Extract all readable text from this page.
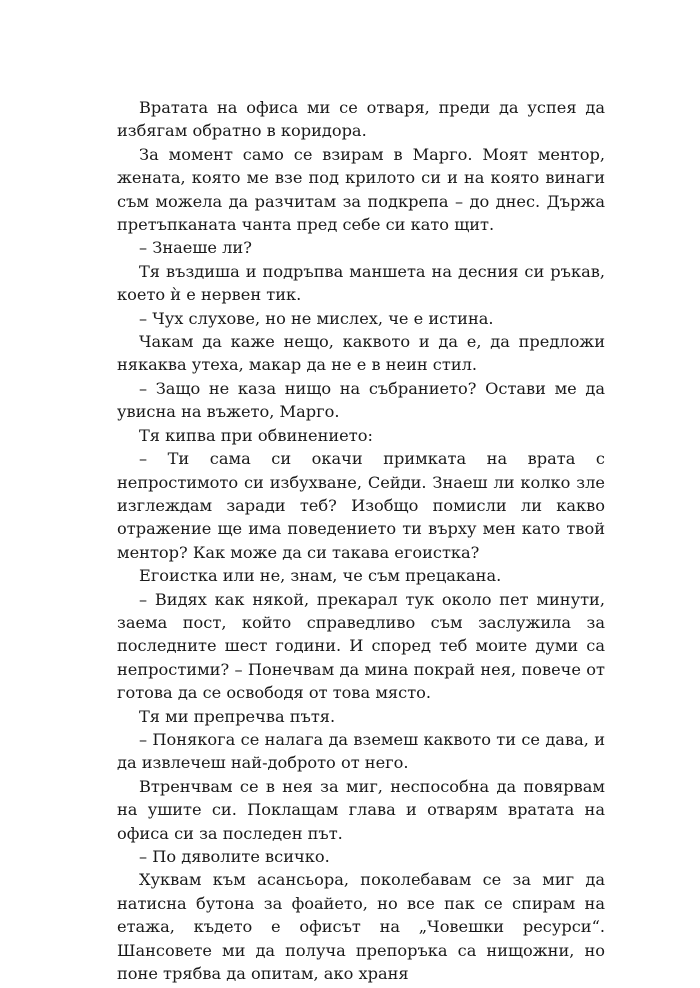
Вратата на офиса ми се отваря, преди да успея да избягам обратно в коридора.

За момент само се взирам в Марго. Моят ментор, жената, която ме взе под крилото си и на която винаги съм можела да разчитам за подкрепа – до днес. Държа претъпканата чанта пред себе си като щит.

– Знаеше ли?

Тя въздиша и подръпва маншета на десния си ръкав, което ѝ е нервен тик.

– Чух слухове, но не мислех, че е истина.

Чакам да каже нещо, каквото и да е, да предложи някаква утеха, макар да не е в неин стил.

– Защо не каза нищо на събранието? Остави ме да увисна на въжето, Марго.

Тя кипва при обвинението:

– Ти сама си окачи примката на врата с непростимото си избухване, Сейди. Знаеш ли колко зле изглеждам заради теб? Изобщо помисли ли какво отражение ще има поведението ти върху мен като твой ментор? Как може да си такава егоистка?

Егоистка или не, знам, че съм прецакана.

– Видях как някой, прекарал тук около пет минути, заема пост, който справедливо съм заслужила за последните шест години. И според теб моите думи са непростими? – Понечвам да мина покрай нея, повече от готова да се освободя от това място.

Тя ми препречва пътя.

– Понякога се налага да вземеш каквото ти се дава, и да извлечеш най-доброто от него.

Втренчвам се в нея за миг, неспособна да повярвам на ушите си. Поклащам глава и отварям вратата на офиса си за последен път.

– По дяволите всичко.

Хуквам към асансьора, поколебавам се за миг да натисна бутона за фоайето, но все пак се спирам на етажа, където е офисът на „Човешки ресурси“. Шансовете ми да получа препоръка са нищожни, но поне трябва да опитам, ако храня
